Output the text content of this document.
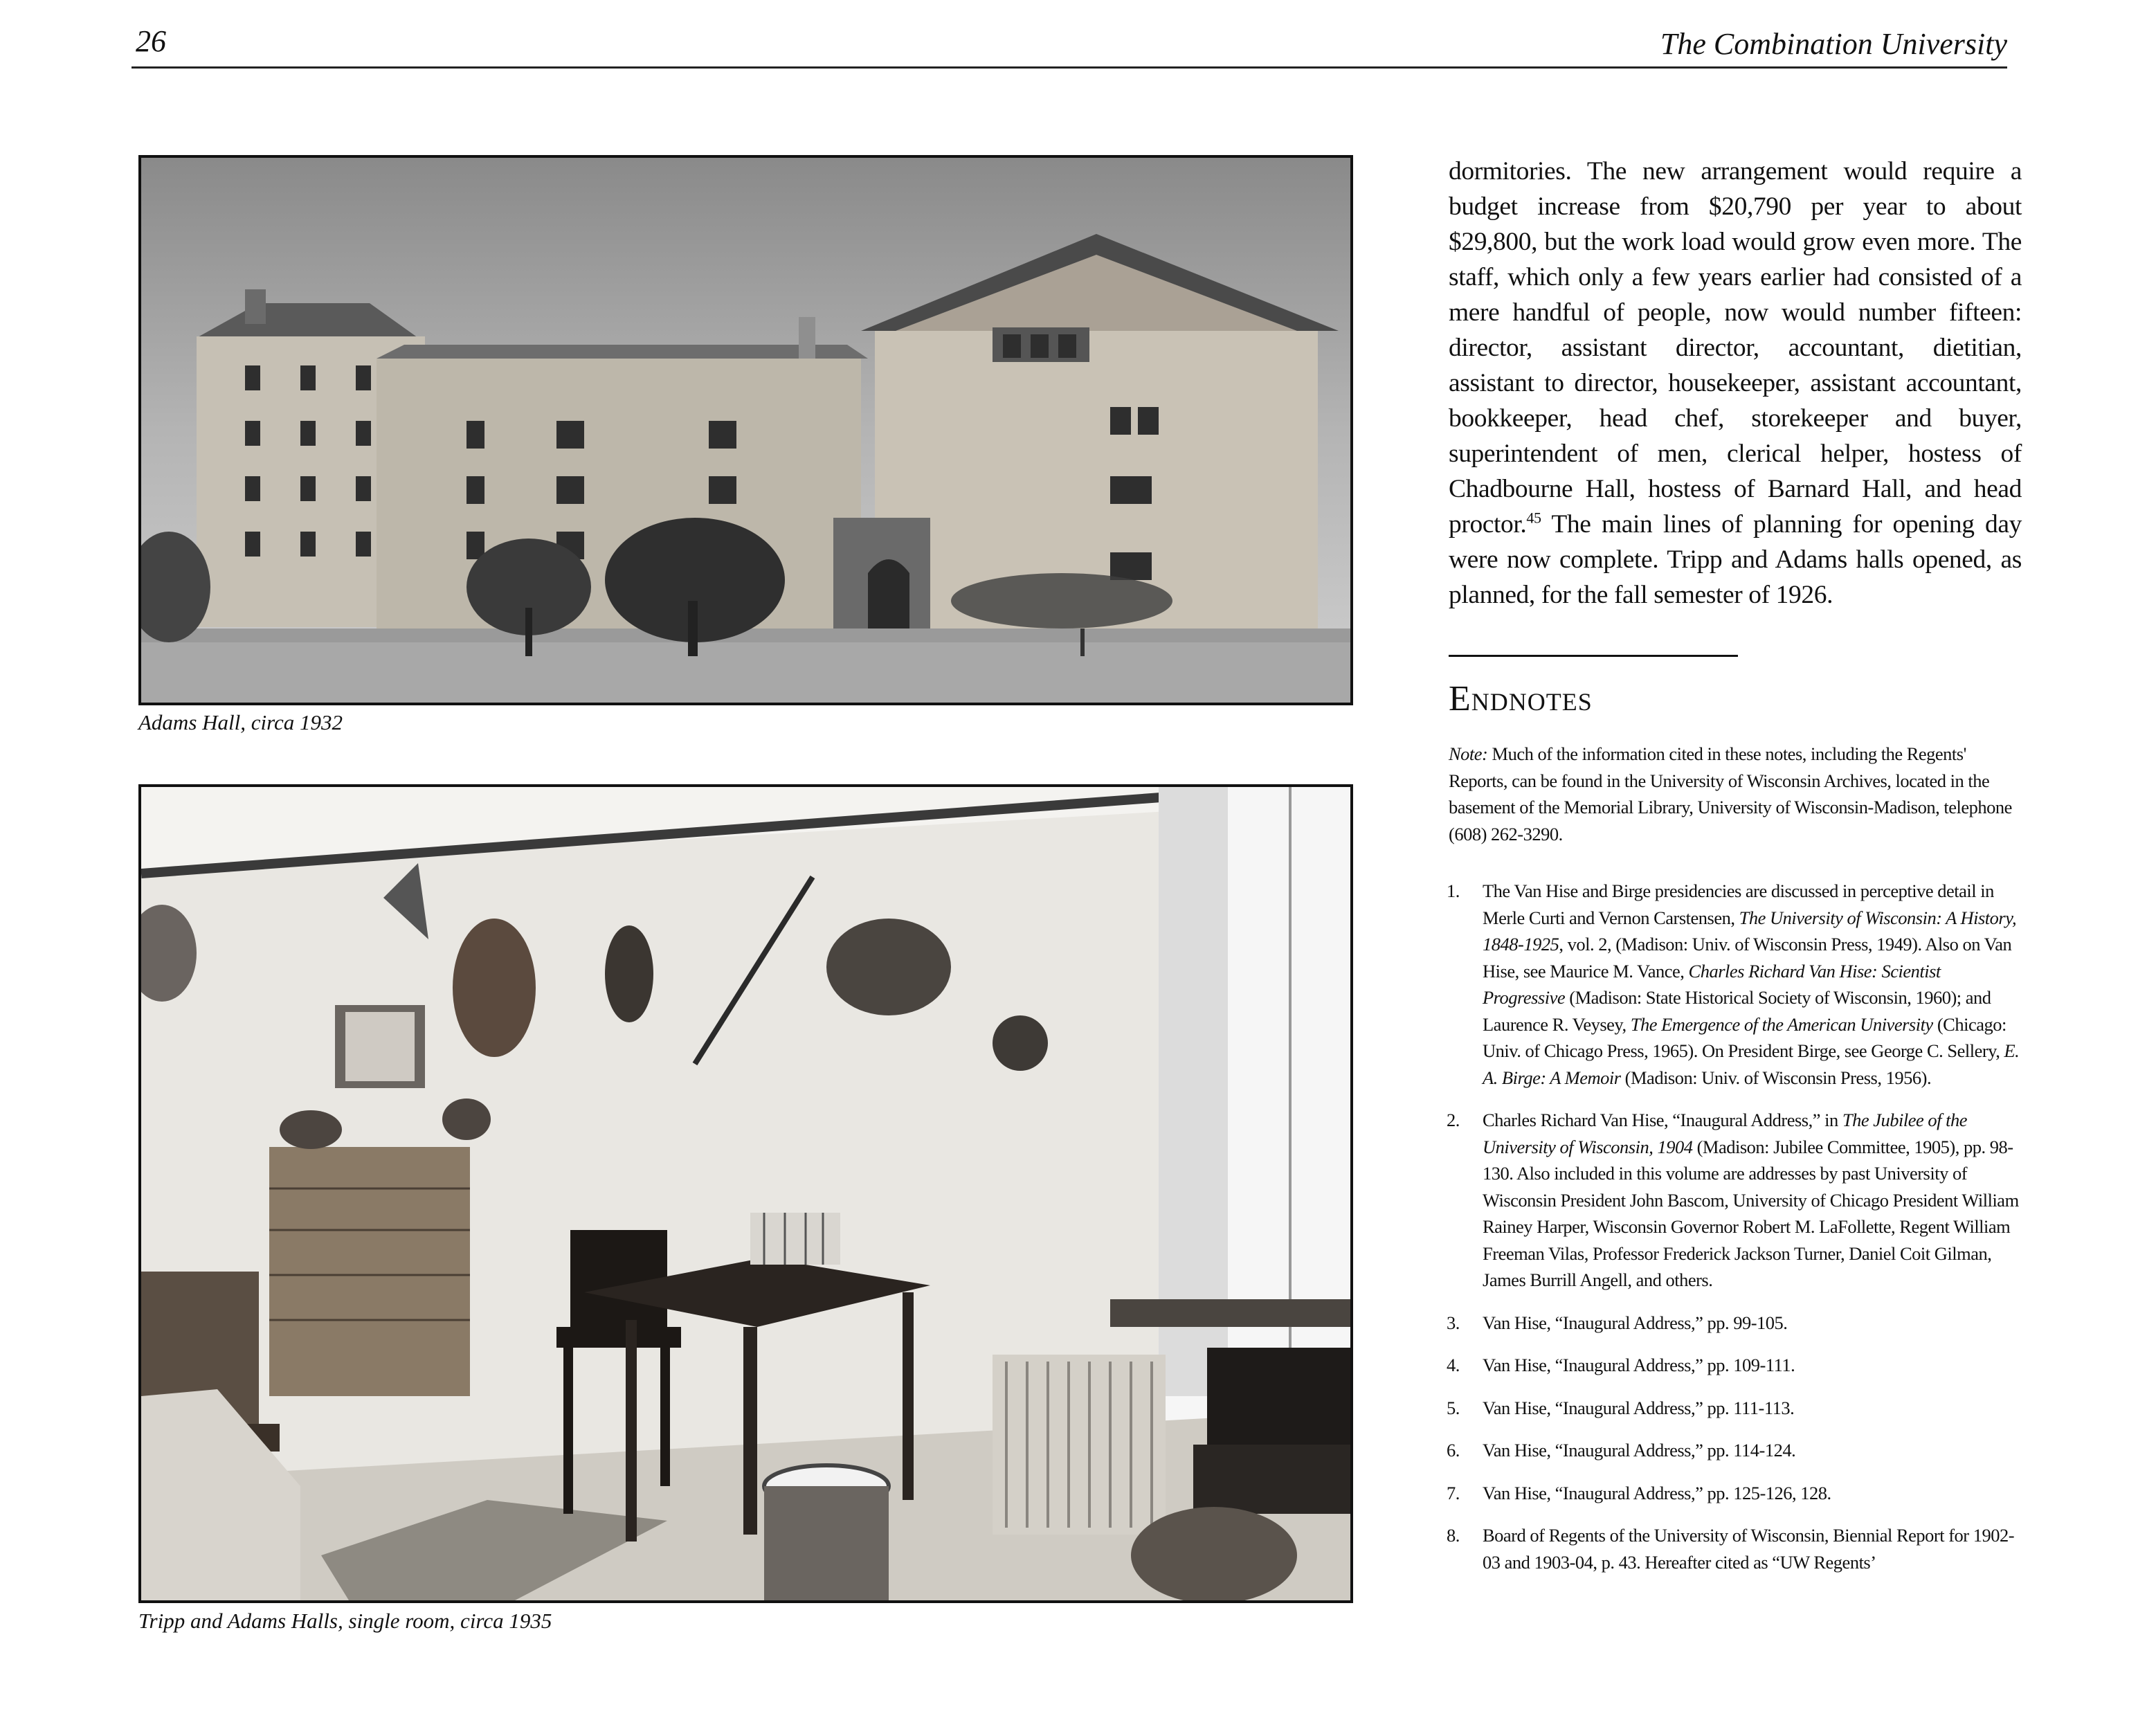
26	The Combination University
Adams Hall, circa 1932
Tripp and Adams Halls, single room, circa 1935

dormitories. The new arrangement would require a budget increase from $20,790 per year to about $29,800, but the work load would grow even more. The staff, which only a few years earlier had consisted of a mere handful of people, now would number fifteen: director, assistant director, accountant, dietitian, assistant to director, housekeeper, assistant accountant, bookkeeper, head chef, storekeeper and buyer, superintendent of men, clerical helper, hostess of Chadbourne Hall, hostess of Barnard Hall, and head proctor.$^{45}$ The main lines of planning for opening day were now complete. Tripp and Adams halls opened, as planned, for the fall semester of 1926.

Endnotes

Note: Much of the information cited in these notes, including the Regents' Reports, can be found in the University of Wisconsin Archives, located in the basement of the Memorial Library, University of Wisconsin-Madison, telephone (608) 262-3290.

1. The Van Hise and Birge presidencies are discussed in perceptive detail in Merle Curti and Vernon Carstensen, The University of Wisconsin: A History, 1848-1925, vol. 2, (Madison: Univ. of Wisconsin Press, 1949). Also on Van Hise, see Maurice M. Vance, Charles Richard Van Hise: Scientist Progressive (Madison: State Historical Society of Wisconsin, 1960); and Laurence R. Veysey, The Emergence of the American University (Chicago: Univ. of Chicago Press, 1965). On President Birge, see George C. Sellery, E. A. Birge: A Memoir (Madison: Univ. of Wisconsin Press, 1956).
2. Charles Richard Van Hise, “Inaugural Address,” in The Jubilee of the University of Wisconsin, 1904 (Madison: Jubilee Committee, 1905), pp. 98-130. Also included in this volume are addresses by past University of Wisconsin President John Bascom, University of Chicago President William Rainey Harper, Wisconsin Governor Robert M. LaFollette, Regent William Freeman Vilas, Professor Frederick Jackson Turner, Daniel Coit Gilman, James Burrill Angell, and others.
3. Van Hise, “Inaugural Address,” pp. 99-105.
4. Van Hise, “Inaugural Address,” pp. 109-111.
5. Van Hise, “Inaugural Address,” pp. 111-113.
6. Van Hise, “Inaugural Address,” pp. 114-124.
7. Van Hise, “Inaugural Address,” pp. 125-126, 128.
8. Board of Regents of the University of Wisconsin, Biennial Report for 1902-03 and 1903-04, p. 43. Hereafter cited as “UW Regents’
